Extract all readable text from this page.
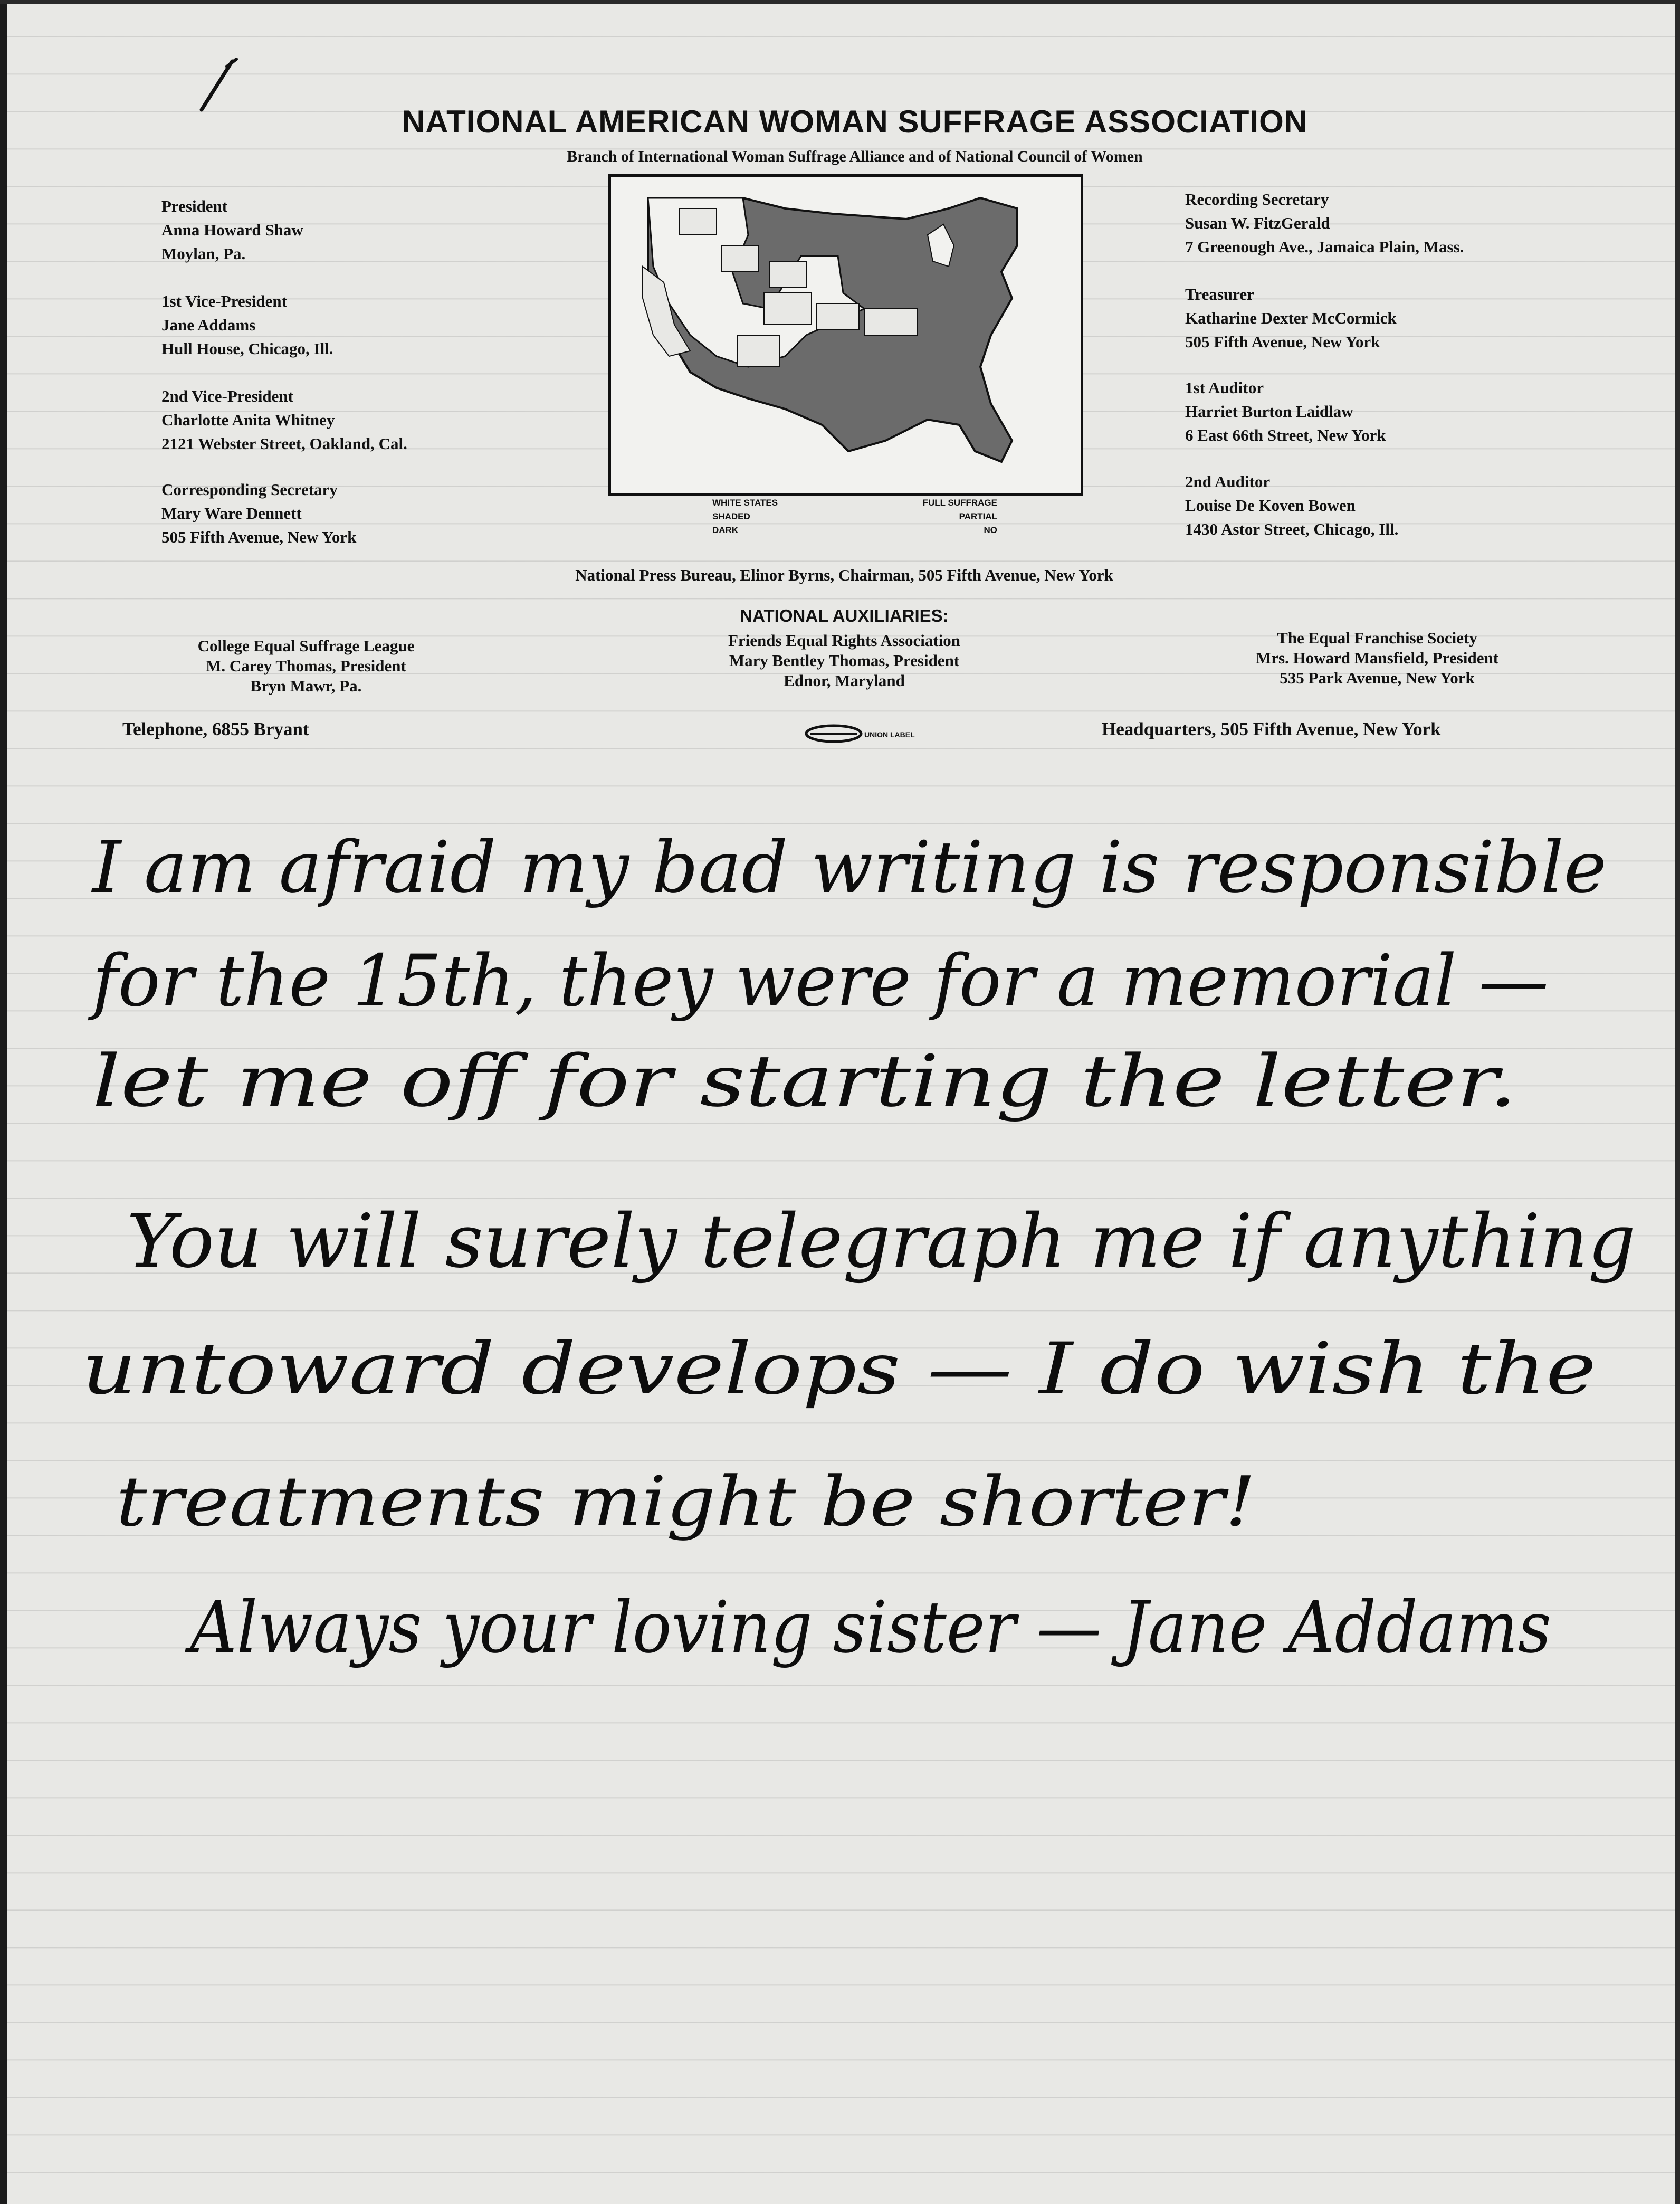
NATIONAL AMERICAN WOMAN SUFFRAGE ASSOCIATION
Branch of International Woman Suffrage Alliance and of National Council of Women
President
Anna Howard Shaw
Moylan, Pa.
1st Vice-President
Jane Addams
Hull House, Chicago, Ill.
2nd Vice-President
Charlotte Anita Whitney
2121 Webster Street, Oakland, Cal.
Corresponding Secretary
Mary Ware Dennett
505 Fifth Avenue, New York
Recording Secretary
Susan W. FitzGerald
7 Greenough Ave., Jamaica Plain, Mass.
Treasurer
Katharine Dexter McCormick
505 Fifth Avenue, New York
1st Auditor
Harriet Burton Laidlaw
6 East 66th Street, New York
2nd Auditor
Louise De Koven Bowen
1430 Astor Street, Chicago, Ill.
WHITE STATES	FULL SUFFRAGE
SHADED	PARTIAL
DARK	NO
National Press Bureau, Elinor Byrns, Chairman, 505 Fifth Avenue, New York
NATIONAL AUXILIARIES:
College Equal Suffrage League
M. Carey Thomas, President
Bryn Mawr, Pa.
Friends Equal Rights Association
Mary Bentley Thomas, President
Ednor, Maryland
The Equal Franchise Society
Mrs. Howard Mansfield, President
535 Park Avenue, New York
Telephone, 6855 Bryant	UNION LABEL	Headquarters, 505 Fifth Avenue, New York
I am afraid my bad writing is responsible
for the 15th, they were for a memorial —
let me off for starting the letter.
You will surely telegraph me if anything
untoward develops — I do wish the
treatments might be shorter!
Always your loving sister — Jane Addams
